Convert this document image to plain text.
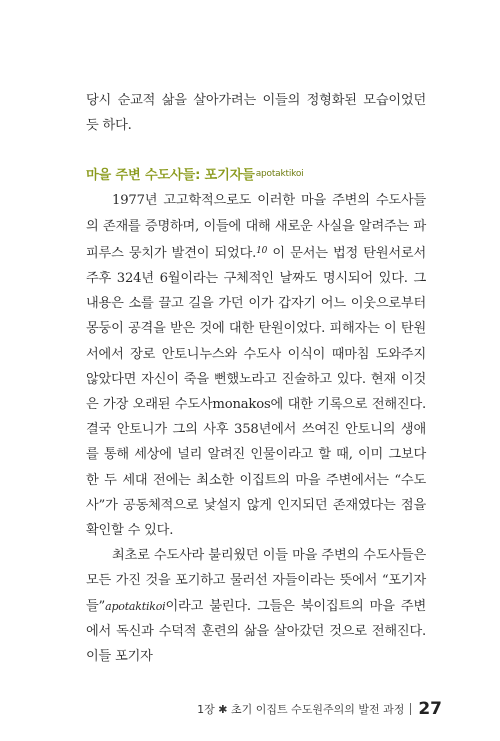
당시 순교적 삶을 살아가려는 이들의 정형화된 모습이었던 듯 하다.

마을 주변 수도사들: 포기자들$^{apotaktikoi}$

1977년 고고학적으로도 이러한 마을 주변의 수도사들의 존재를 증명하며, 이들에 대해 새로운 사실을 알려주는 파피루스 뭉치가 발견이 되었다.$^{10}$ 이 문서는 법정 탄원서로서 주후 324년 6월이라는 구체적인 날짜도 명시되어 있다. 그 내용은 소를 끌고 길을 가던 이가 갑자기 어느 이웃으로부터 몽둥이 공격을 받은 것에 대한 탄원이었다. 피해자는 이 탄원서에서 장로 안토니누스와 수도사 이식이 때마침 도와주지 않았다면 자신이 죽을 뻔했노라고 진술하고 있다. 현재 이것은 가장 오래된 수도사monakos에 대한 기록으로 전해진다. 결국 안토니가 그의 사후 358년에서 쓰여진 안토니의 생애를 통해 세상에 널리 알려진 인물이라고 할 때, 이미 그보다 한 두 세대 전에는 최소한 이집트의 마을 주변에서는 “수도사”가 공동체적으로 낯설지 않게 인지되던 존재였다는 점을 확인할 수 있다.

최초로 수도사라 불리웠던 이들 마을 주변의 수도사들은 모든 가진 것을 포기하고 물러선 자들이라는 뜻에서 “포기자들”apotaktikoi이라고 불린다. 그들은 북이집트의 마을 주변에서 독신과 수덕적 훈련의 삶을 살아갔던 것으로 전해진다. 이들 포기자

1장 ✱ 초기 이집트 수도원주의의 발전 과정 27
